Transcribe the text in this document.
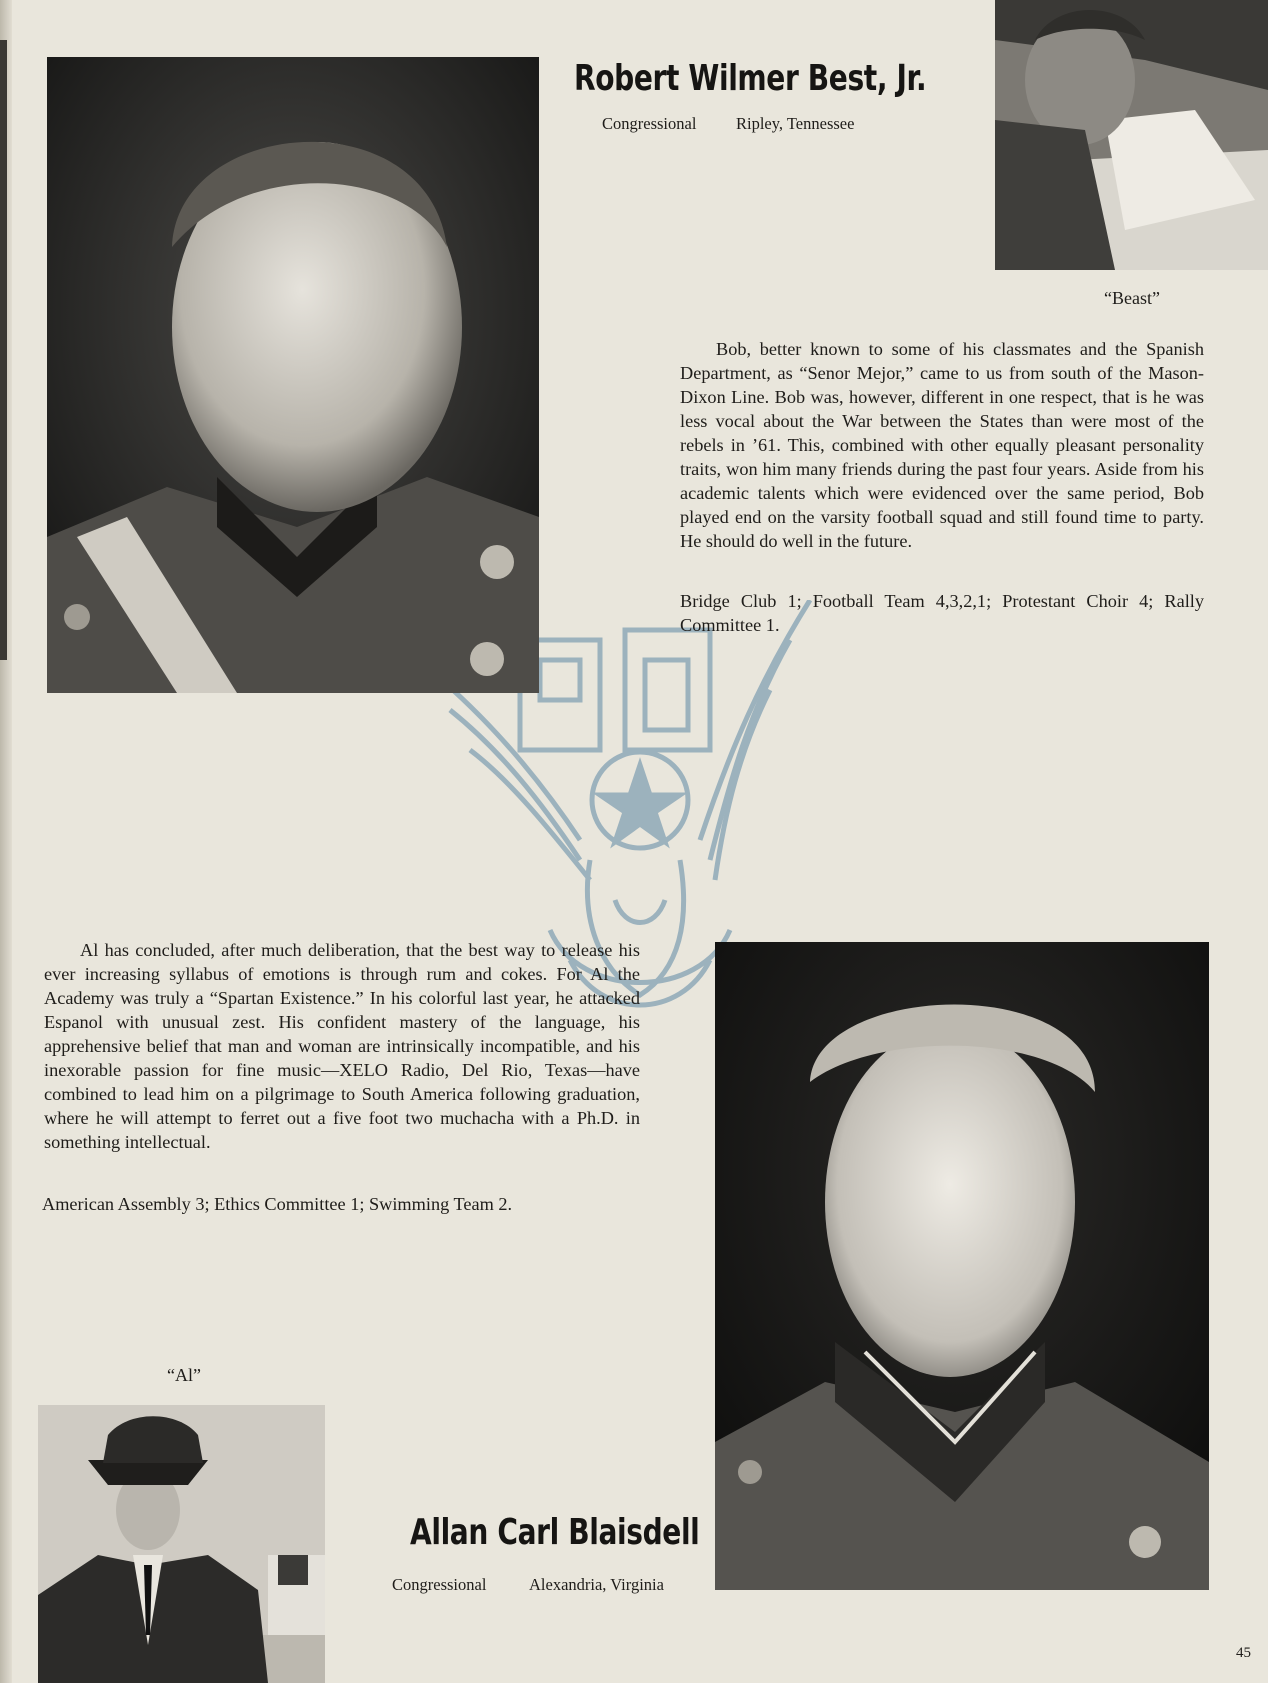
Robert Wilmer Best, Jr.
Congressional Ripley, Tennessee
“Beast”

Bob, better known to some of his classmates and the Spanish Department, as “Senor Mejor,” came to us from south of the Mason-Dixon Line. Bob was, however, different in one respect, that is he was less vocal about the War between the States than were most of the rebels in ’61. This, combined with other equally pleasant personality traits, won him many friends during the past four years. Aside from his academic talents which were evidenced over the same period, Bob played end on the varsity football squad and still found time to party. He should do well in the future.

Bridge Club 1; Football Team 4,3,2,1; Protestant Choir 4; Rally Committee 1.

Al has concluded, after much deliberation, that the best way to release his ever increasing syllabus of emotions is through rum and cokes. For Al the Academy was truly a “Spartan Existence.” In his colorful last year, he attacked Espanol with unusual zest. His confident mastery of the language, his apprehensive belief that man and woman are intrinsically incompatible, and his inexorable passion for fine music—XELO Radio, Del Rio, Texas—have combined to lead him on a pilgrimage to South America following graduation, where he will attempt to ferret out a five foot two muchacha with a Ph.D. in something intellectual.

American Assembly 3; Ethics Committee 1; Swimming Team 2.
“Al”
Allan Carl Blaisdell
Congressional	Alexandria, Virginia
45
